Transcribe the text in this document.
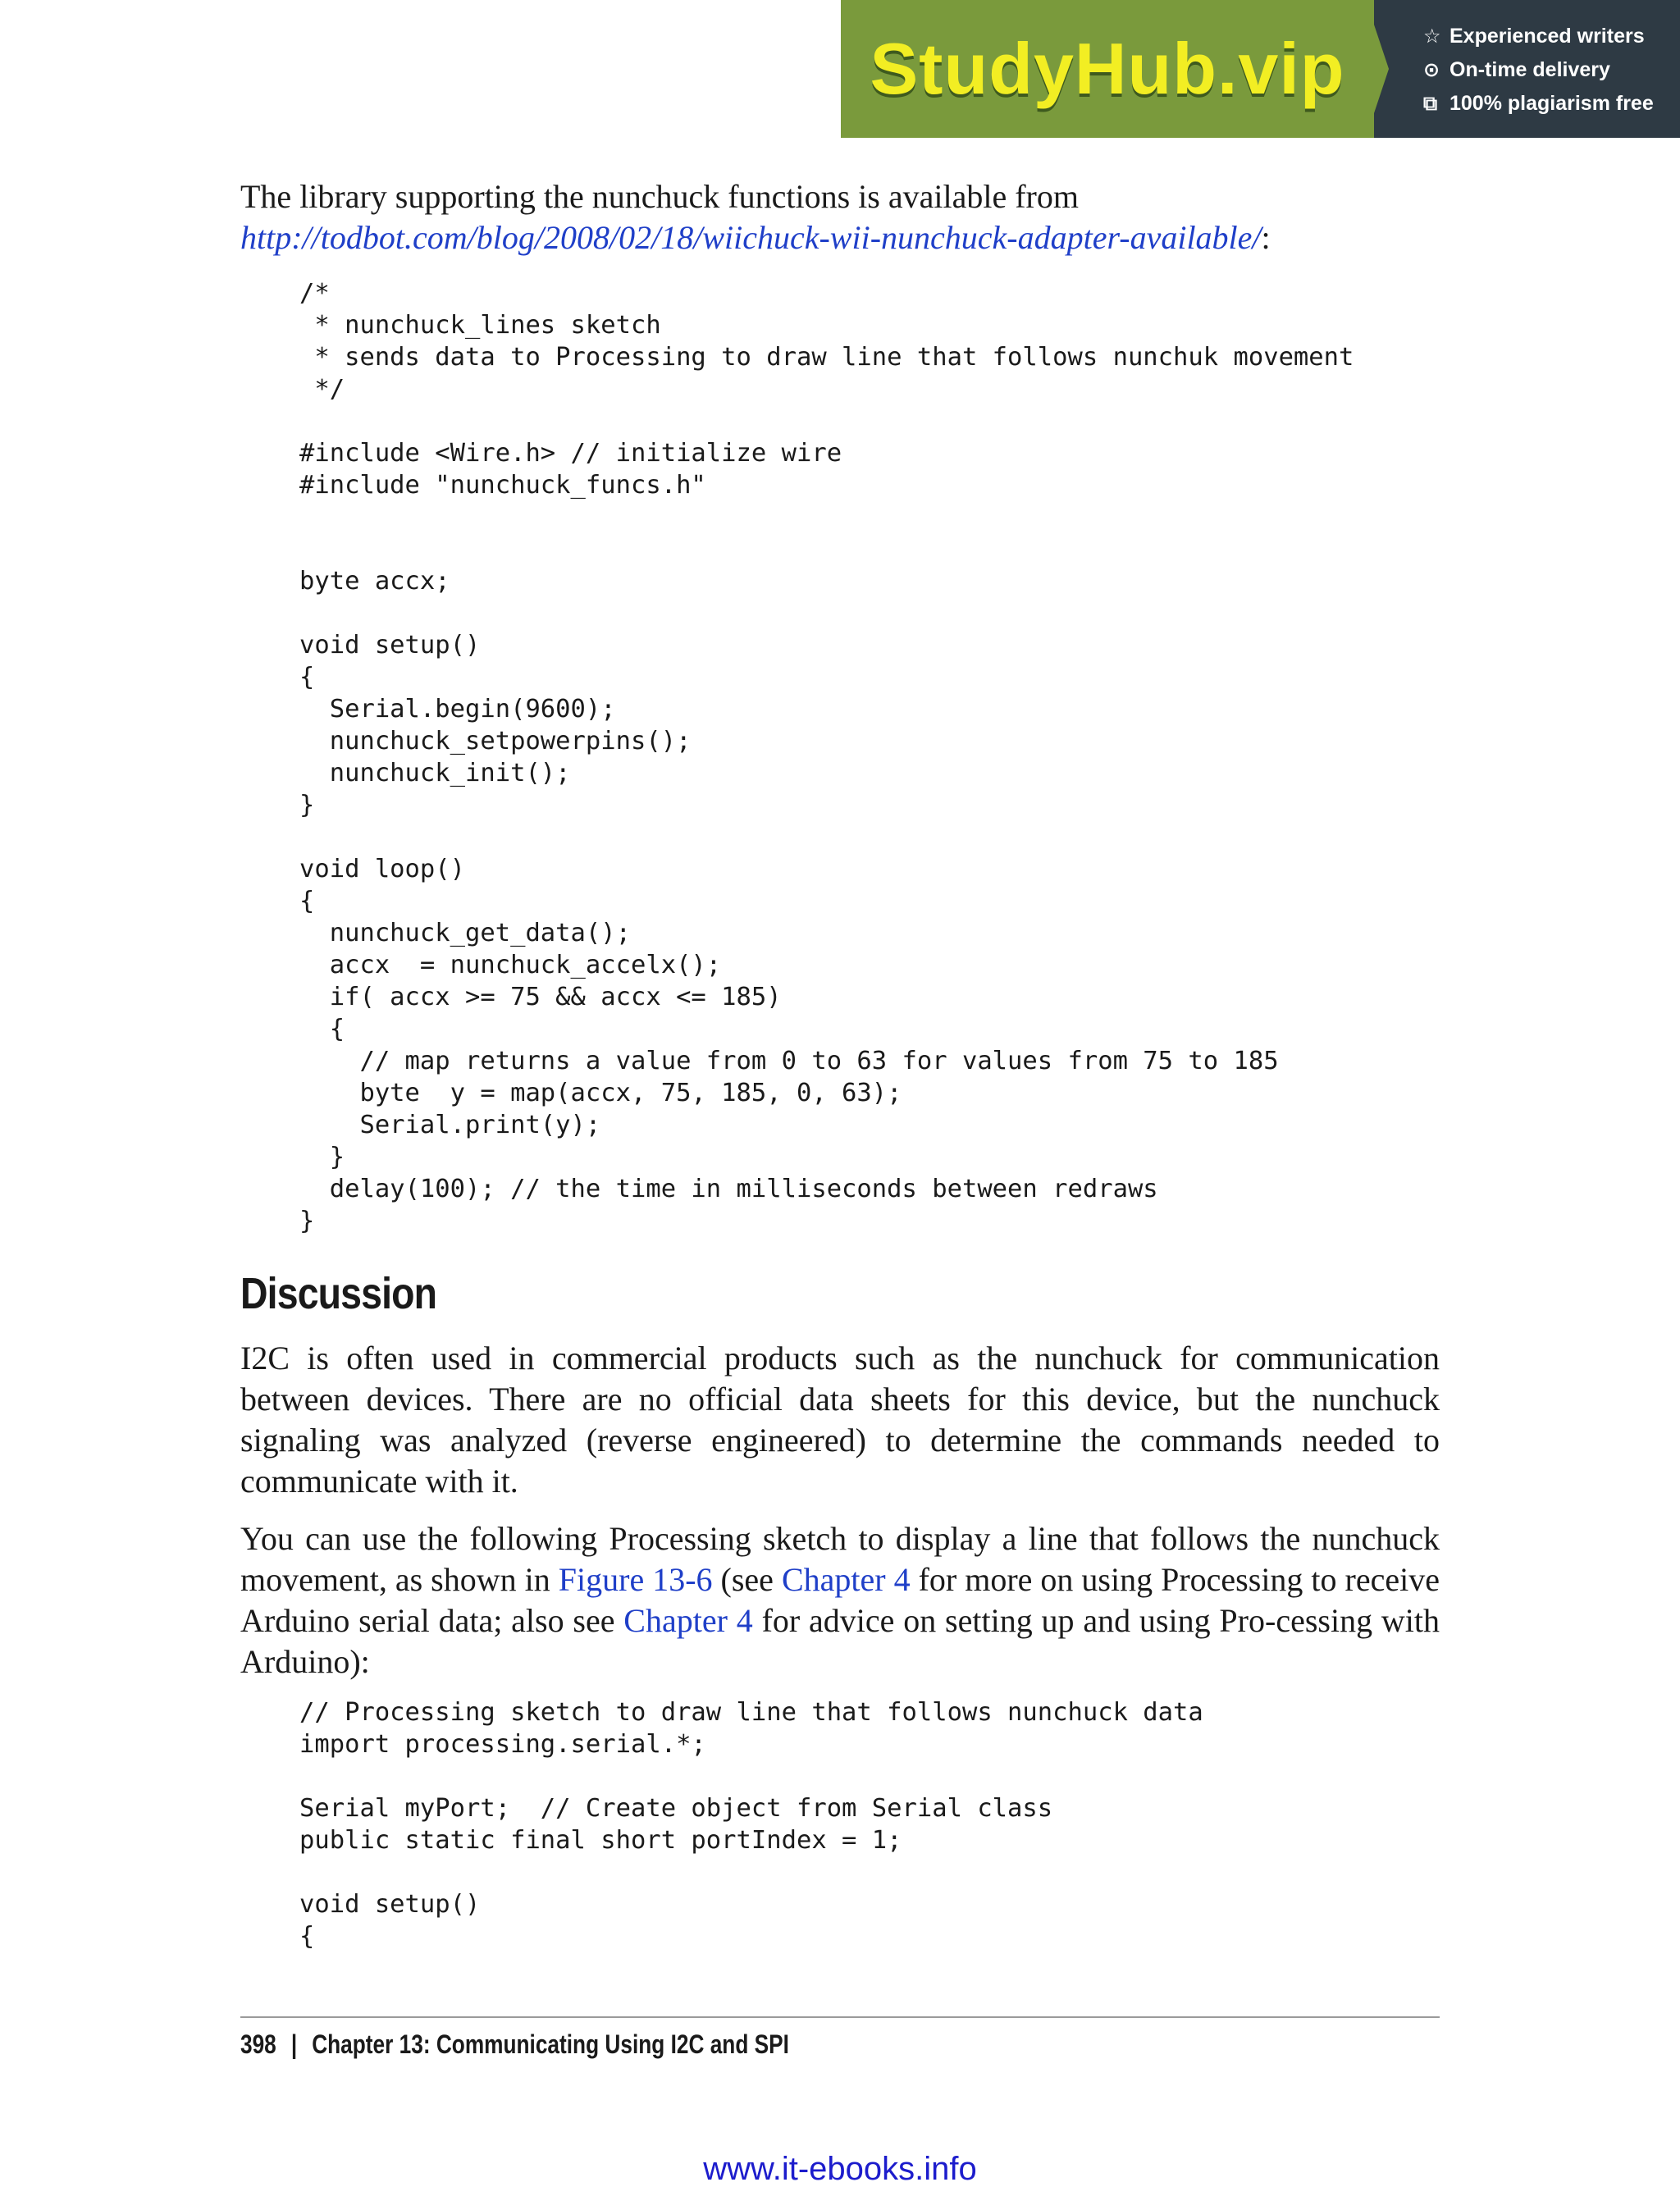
StudyHub.vip	☆ Experienced writers
⊙ On-time delivery
⧉ 100% plagiarism free

The library supporting the nunchuck functions is available from http://todbot.com/blog/2008/02/18/wiichuck-wii-nunchuck-adapter-available/:

/*
* nunchuck_lines sketch
* sends data to Processing to draw line that follows nunchuk movement
*/

#include <Wire.h> // initialize wire
#include "nunchuck_funcs.h"

byte accx;

void setup()
{
Serial.begin(9600);
nunchuck_setpowerpins();
nunchuck_init();
}

void loop()
{
nunchuck_get_data();
accx  = nunchuck_accelx();
if( accx >= 75 && accx <= 185)
{
// map returns a value from 0 to 63 for values from 75 to 185
byte  y = map(accx, 75, 185, 0, 63);
Serial.print(y);
}
delay(100); // the time in milliseconds between redraws
}
Discussion

I2C is often used in commercial products such as the nunchuck for communication between devices. There are no official data sheets for this device, but the nunchuck signaling was analyzed (reverse engineered) to determine the commands needed to communicate with it.

You can use the following Processing sketch to display a line that follows the nunchuck movement, as shown in Figure 13-6 (see Chapter 4 for more on using Processing to receive Arduino serial data; also see Chapter 4 for advice on setting up and using Pro-cessing with Arduino):

// Processing sketch to draw line that follows nunchuck data
import processing.serial.*;

Serial myPort;  // Create object from Serial class
public static final short portIndex = 1;

void setup()
{
398 | Chapter 13: Communicating Using I2C and SPI
www.it-ebooks.info
